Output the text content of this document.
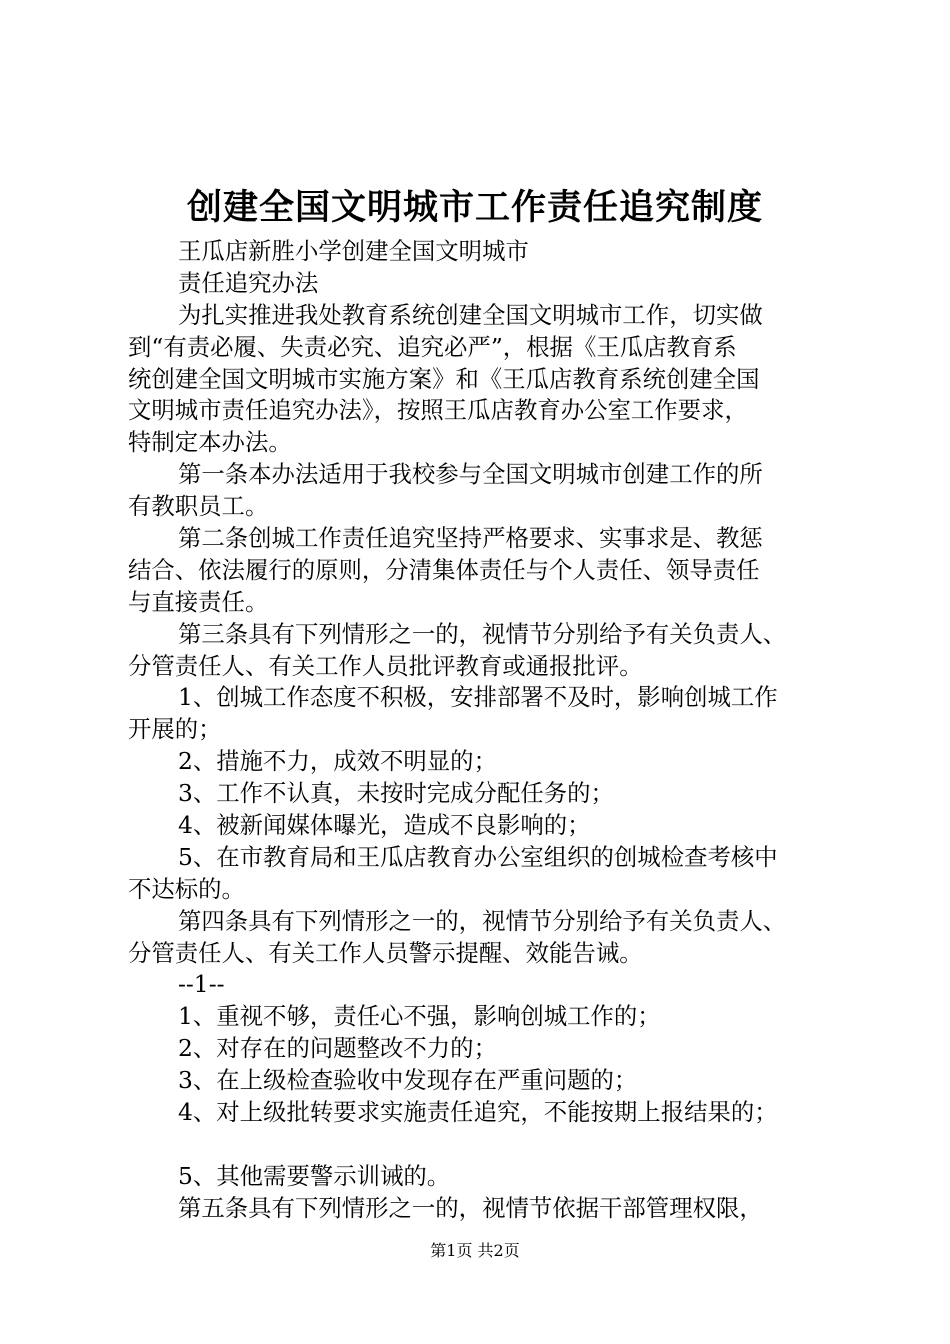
创建全国文明城市工作责任追究制度
王瓜店新胜小学创建全国文明城市
责任追究办法
为扎实推进我处教育系统创建全国文明城市工作，切实做
到“有责必履、失责必究、追究必严”，根据《王瓜店教育系
统创建全国文明城市实施方案》和《王瓜店教育系统创建全国
文明城市责任追究办法》，按照王瓜店教育办公室工作要求，
特制定本办法。
第一条本办法适用于我校参与全国文明城市创建工作的所
有教职员工。
第二条创城工作责任追究坚持严格要求、实事求是、教惩
结合、依法履行的原则，分清集体责任与个人责任、领导责任
与直接责任。
第三条具有下列情形之一的，视情节分别给予有关负责人、
分管责任人、有关工作人员批评教育或通报批评。
1、创城工作态度不积极，安排部署不及时，影响创城工作
开展的；
2、措施不力，成效不明显的；
3、工作不认真，未按时完成分配任务的；
4、被新闻媒体曝光，造成不良影响的；
5、在市教育局和王瓜店教育办公室组织的创城检查考核中
不达标的。
第四条具有下列情形之一的，视情节分别给予有关负责人、
分管责任人、有关工作人员警示提醒、效能告诫。
--1--
1、重视不够，责任心不强，影响创城工作的；
2、对存在的问题整改不力的；
3、在上级检查验收中发现存在严重问题的；
4、对上级批转要求实施责任追究，不能按期上报结果的；
5、其他需要警示训诫的。
第五条具有下列情形之一的，视情节依据干部管理权限，
第1页 共2页
